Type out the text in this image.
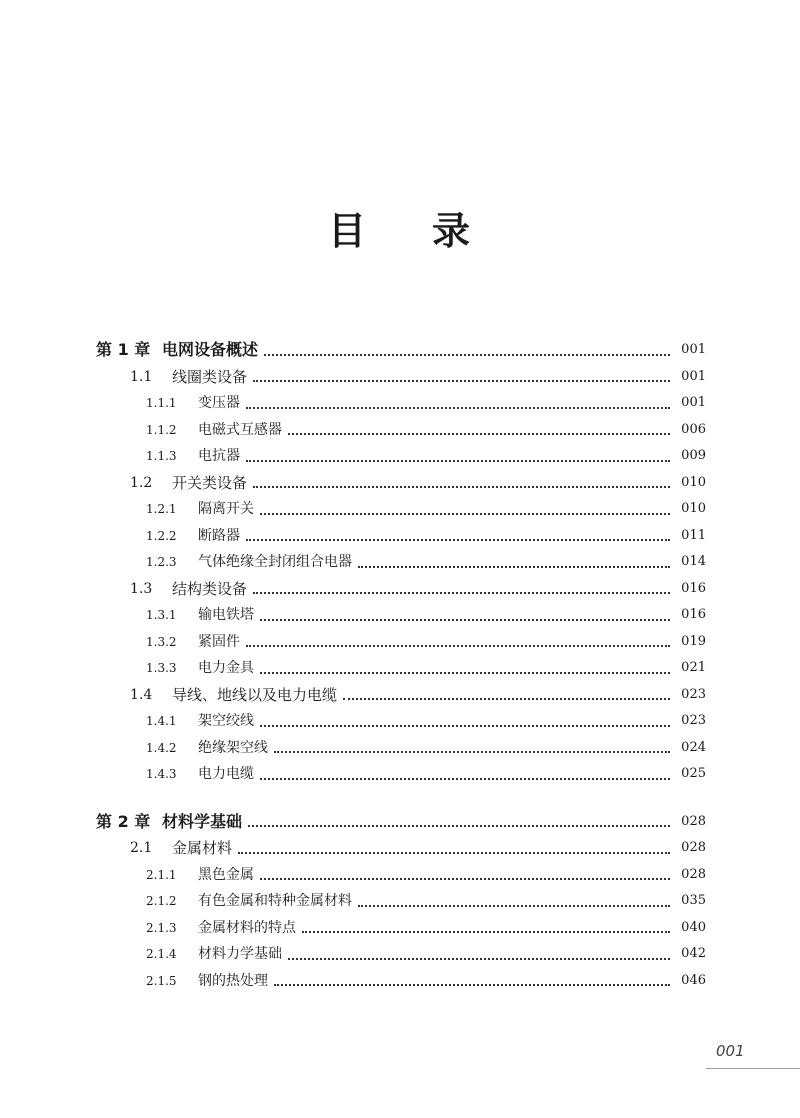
目 录
第 1 章 电网设备概述	001
1.1	线圈类设备	001
1.1.1	变压器	001
1.1.2	电磁式互感器	006
1.1.3	电抗器	009
1.2	开关类设备	010
1.2.1	隔离开关	010
1.2.2	断路器	011
1.2.3	气体绝缘全封闭组合电器	014
1.3	结构类设备	016
1.3.1	输电铁塔	016
1.3.2	紧固件	019
1.3.3	电力金具	021
1.4	导线、地线以及电力电缆	023
1.4.1	架空绞线	023
1.4.2	绝缘架空线	024
1.4.3	电力电缆	025
第 2 章 材料学基础	028
2.1	金属材料	028
2.1.1	黑色金属	028
2.1.2	有色金属和特种金属材料	035
2.1.3	金属材料的特点	040
2.1.4	材料力学基础	042
2.1.5	钢的热处理	046
001
